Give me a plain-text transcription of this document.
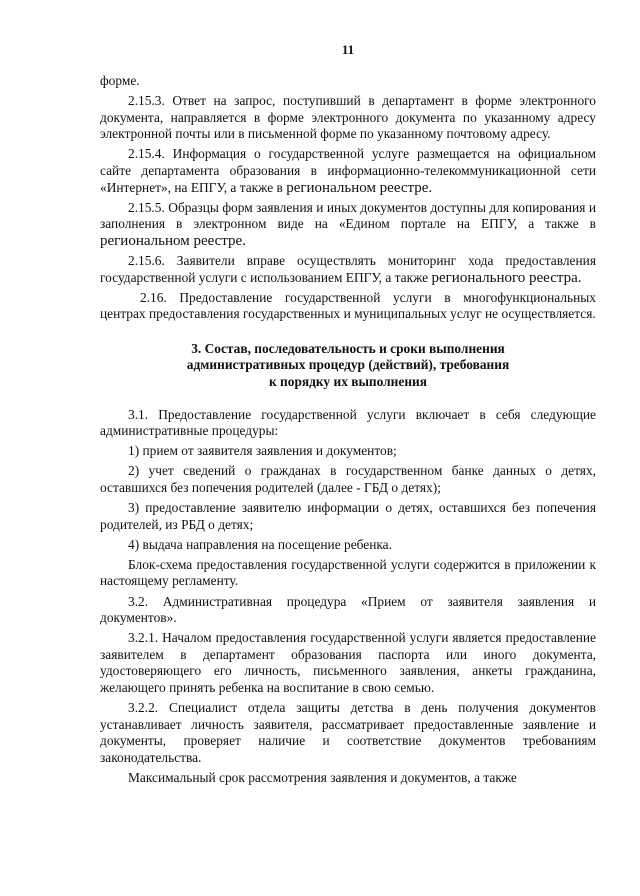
11

форме.

2.15.3. Ответ на запрос, поступивший в департамент в форме электронного документа, направляется в форме электронного документа по указанному адресу электронной почты или в письменной форме по указанному почтовому адресу.

2.15.4. Информация о государственной услуге размещается на официальном сайте департамента образования в информационно-телекоммуникационной сети «Интернет», на ЕПГУ, а также в региональном реестре.

2.15.5. Образцы форм заявления и иных документов доступны для копирования и заполнения в электронном виде на «Едином портале на ЕПГУ, а также в региональном реестре.

2.15.6. Заявители вправе осуществлять мониторинг хода предоставления государственной услуги с использованием ЕПГУ, а также регионального реестра.

2.16. Предоставление государственной услуги в многофункциональных центрах предоставления государственных и муниципальных услуг не осуществляется.

3. Состав, последовательность и сроки выполнения
административных процедур (действий), требования
к порядку их выполнения

3.1. Предоставление государственной услуги включает в себя следующие административные процедуры:

1) прием от заявителя заявления и документов;

2) учет сведений о гражданах в государственном банке данных о детях, оставшихся без попечения родителей (далее - ГБД о детях);

3) предоставление заявителю информации о детях, оставшихся без попечения родителей, из РБД о детях;

4) выдача направления на посещение ребенка.

Блок-схема предоставления государственной услуги содержится в приложении к настоящему регламенту.

3.2. Административная процедура «Прием от заявителя заявления и документов».

3.2.1. Началом предоставления государственной услуги является предоставление заявителем в департамент образования паспорта или иного документа, удостоверяющего его личность, письменного заявления, анкеты гражданина, желающего принять ребенка на воспитание в свою семью.

3.2.2. Специалист отдела защиты детства в день получения документов устанавливает личность заявителя, рассматривает предоставленные заявление и документы, проверяет наличие и соответствие документов требованиям законодательства.

Максимальный срок рассмотрения заявления и документов, а также
